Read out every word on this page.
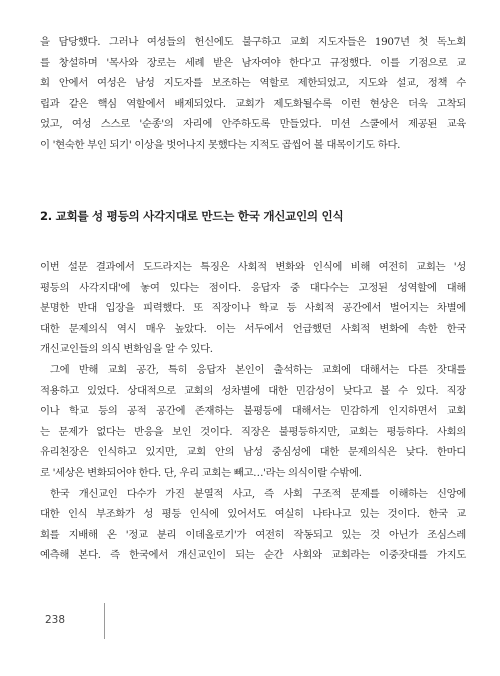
을 담당했다. 그러나 여성들의 헌신에도 불구하고 교회 지도자들은 1907년 첫 독노회

를 창설하며 '목사와 장로는 세례 받은 남자여야 한다'고 규정했다. 이를 기점으로 교

회 안에서 여성은 남성 지도자를 보조하는 역할로 제한되었고, 지도와 설교, 정책 수

립과 같은 핵심 역할에서 배제되었다. 교회가 제도화될수록 이런 현상은 더욱 고착되

었고, 여성 스스로 '순종'의 자리에 안주하도록 만들었다. 미션 스쿨에서 제공된 교육

이 '현숙한 부인 되기' 이상을 벗어나지 못했다는 지적도 곱씹어 볼 대목이기도 하다.

2. 교회를 성 평등의 사각지대로 만드는 한국 개신교인의 인식

이번 설문 결과에서 도드라지는 특징은 사회적 변화와 인식에 비해 여전히 교회는 '성

평등의 사각지대'에 놓여 있다는 점이다. 응답자 중 대다수는 고정된 성역할에 대해

분명한 반대 입장을 피력했다. 또 직장이나 학교 등 사회적 공간에서 벌어지는 차별에

대한 문제의식 역시 매우 높았다. 이는 서두에서 언급했던 사회적 변화에 속한 한국

개신교인들의 의식 변화임을 알 수 있다.

그에 반해 교회 공간, 특히 응답자 본인이 출석하는 교회에 대해서는 다른 잣대를

적용하고 있었다. 상대적으로 교회의 성차별에 대한 민감성이 낮다고 볼 수 있다. 직장

이나 학교 등의 공적 공간에 존재하는 불평등에 대해서는 민감하게 인지하면서 교회

는 문제가 없다는 반응을 보인 것이다. 직장은 불평등하지만, 교회는 평등하다. 사회의

유리천장은 인식하고 있지만, 교회 안의 남성 중심성에 대한 문제의식은 낮다. 한마디

로 '세상은 변화되어야 한다. 단, 우리 교회는 빼고…'라는 의식이랄 수밖에.

한국 개신교인 다수가 가진 분열적 사고, 즉 사회 구조적 문제를 이해하는 신앙에

대한 인식 부조화가 성 평등 인식에 있어서도 여실히 나타나고 있는 것이다. 한국 교

회를 지배해 온 '정교 분리 이데올로기'가 여전히 작동되고 있는 것 아닌가 조심스레

예측해 본다. 즉 한국에서 개신교인이 되는 순간 사회와 교회라는 이중잣대를 가지도

238
